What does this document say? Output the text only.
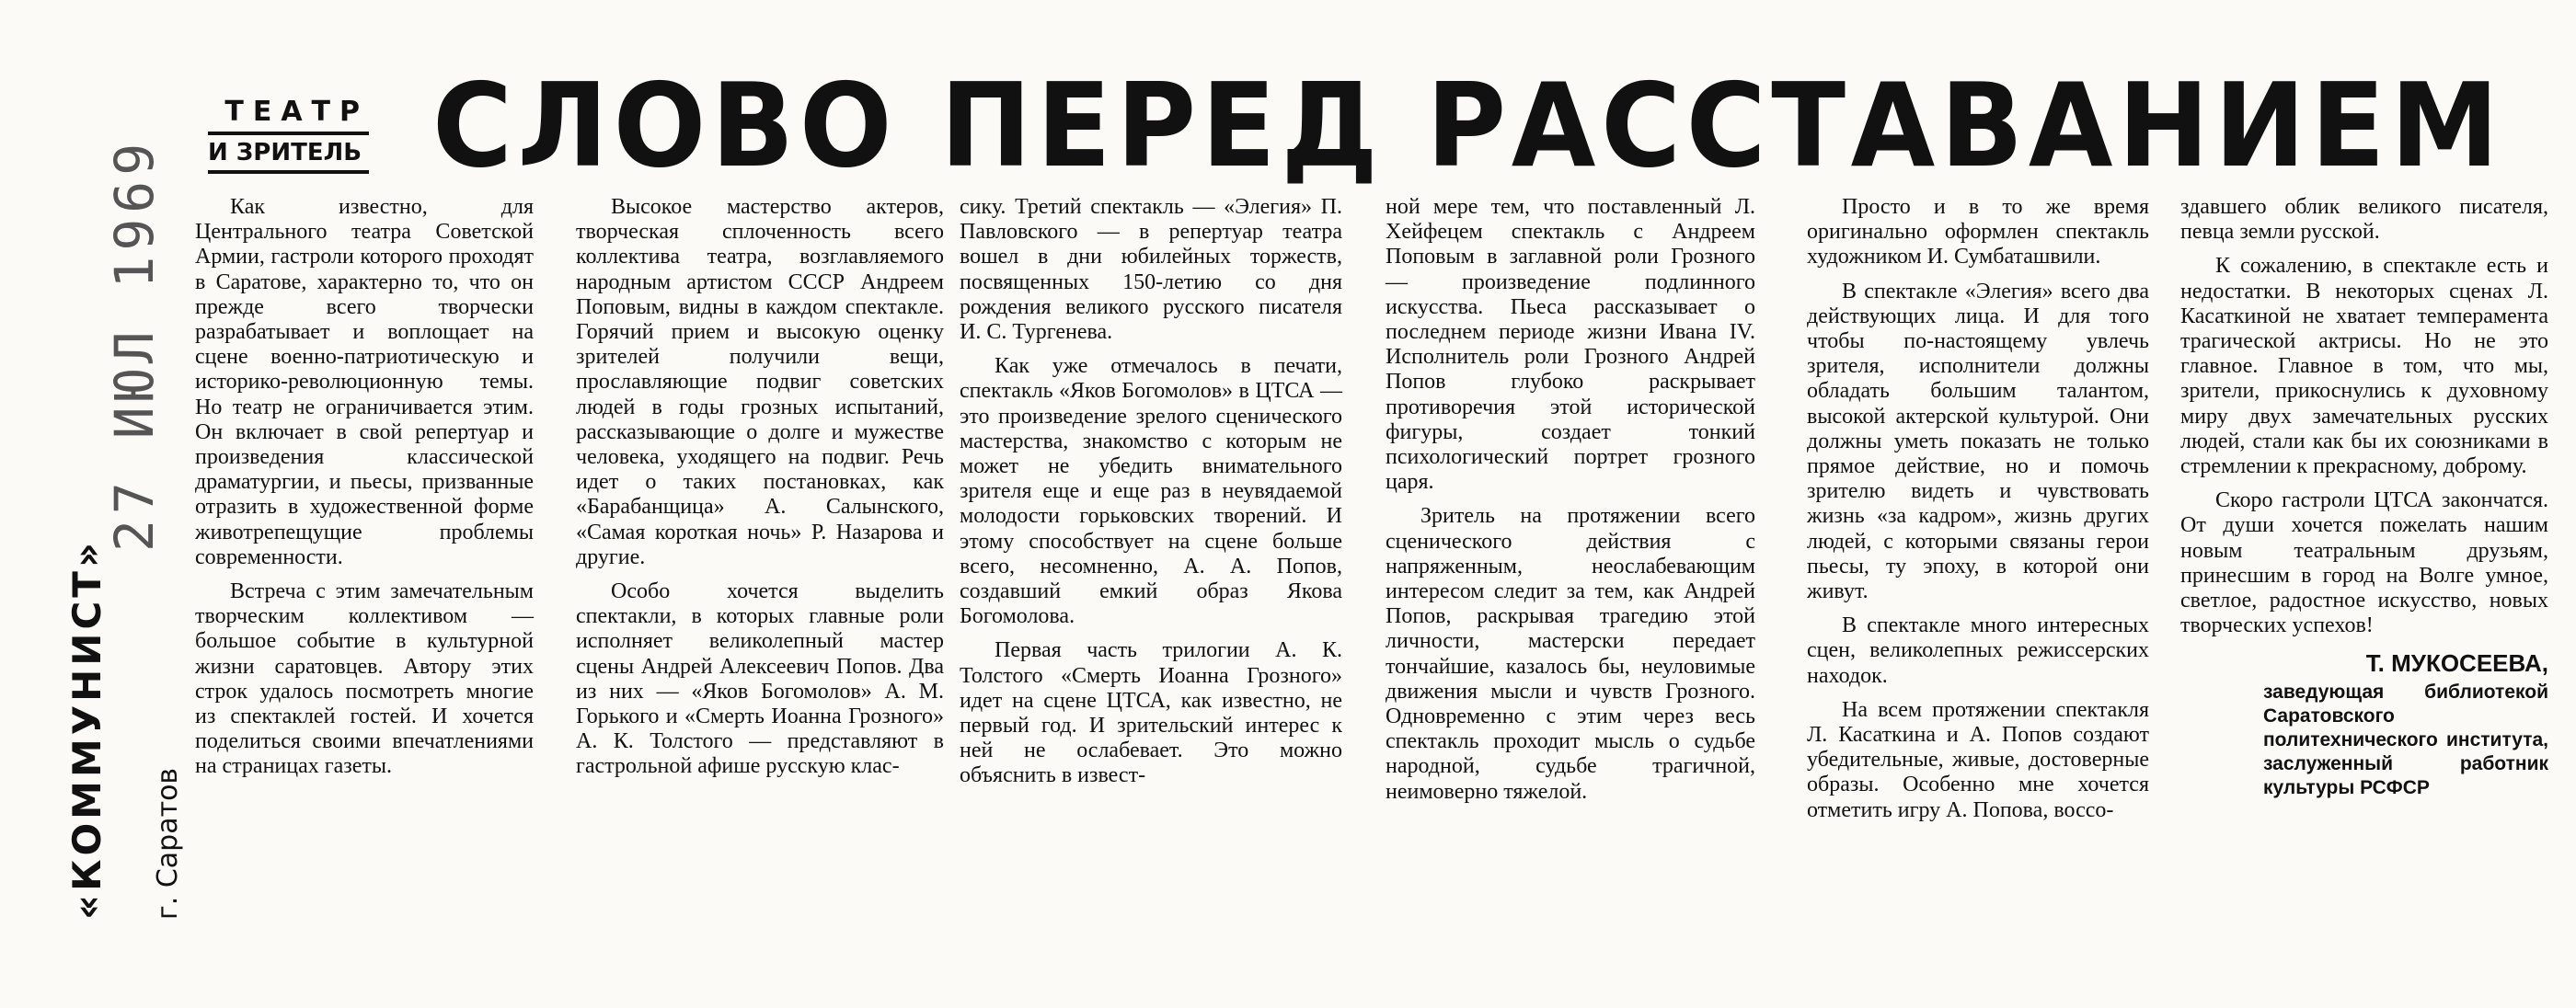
«КОММУНИСТ» г. Саратов
27 ИЮЛ 1969
ТЕАТР
И ЗРИТЕЛЬ СЛОВО ПЕРЕД РАССТАВАНИЕМ

Как известно, для Центрального театра Советской Армии, гастроли которого проходят в Саратове, характерно то, что он прежде всего творчески разрабатывает и воплощает на сцене военно-патриотическую и историко-революционную темы. Но театр не ограничивается этим. Он включает в свой репертуар и произведения классической драматургии, и пьесы, призванные отразить в художественной форме животрепещущие проблемы современности.

Встреча с этим замечательным творческим коллективом — большое событие в культурной жизни саратовцев. Автору этих строк удалось посмотреть многие из спектаклей гостей. И хочется поделиться своими впечатлениями на страницах газеты.

Высокое мастерство актеров, творческая сплоченность всего коллектива театра, возглавляемого народным артистом СССР Андреем Поповым, видны в каждом спектакле. Горячий прием и высокую оценку зрителей получили вещи, прославляющие подвиг советских людей в годы грозных испытаний, рассказывающие о долге и мужестве человека, уходящего на подвиг. Речь идет о таких постановках, как «Барабанщица» А. Салынского, «Самая короткая ночь» Р. Назарова и другие.

Особо хочется выделить спектакли, в которых главные роли исполняет великолепный мастер сцены Андрей Алексеевич Попов. Два из них — «Яков Богомолов» А. М. Горького и «Смерть Иоанна Грозного» А. К. Толстого — представляют в гастрольной афише русскую клас-

сику. Третий спектакль — «Элегия» П. Павловского — в репертуар театра вошел в дни юбилейных торжеств, посвященных 150-летию со дня рождения великого русского писателя И. С. Тургенева.

Как уже отмечалось в печати, спектакль «Яков Богомолов» в ЦТСА — это произведение зрелого сценического мастерства, знакомство с которым не может не убедить внимательного зрителя еще и еще раз в неувядаемой молодости горьковских творений. И этому способствует на сцене больше всего, несомненно, А. А. Попов, создавший емкий образ Якова Богомолова.

Первая часть трилогии А. К. Толстого «Смерть Иоанна Грозного» идет на сцене ЦТСА, как известно, не первый год. И зрительский интерес к ней не ослабевает. Это можно объяснить в извест-

ной мере тем, что поставленный Л. Хейфецем спектакль с Андреем Поповым в заглавной роли Грозного — произведение подлинного искусства. Пьеса рассказывает о последнем периоде жизни Ивана IV. Исполнитель роли Грозного Андрей Попов глубоко раскрывает противоречия этой исторической фигуры, создает тонкий психологический портрет грозного царя.

Зритель на протяжении всего сценического действия с напряженным, неослабевающим интересом следит за тем, как Андрей Попов, раскрывая трагедию этой личности, мастерски передает тончайшие, казалось бы, неуловимые движения мысли и чувств Грозного. Одновременно с этим через весь спектакль проходит мысль о судьбе народной, судьбе трагичной, неимоверно тяжелой.

Просто и в то же время оригинально оформлен спектакль художником И. Сумбаташвили.

В спектакле «Элегия» всего два действующих лица. И для того чтобы по-настоящему увлечь зрителя, исполнители должны обладать большим талантом, высокой актерской культурой. Они должны уметь показать не только прямое действие, но и помочь зрителю видеть и чувствовать жизнь «за кадром», жизнь других людей, с которыми связаны герои пьесы, ту эпоху, в которой они живут.

В спектакле много интересных сцен, великолепных режиссерских находок.

На всем протяжении спектакля Л. Касаткина и А. Попов создают убедительные, живые, достоверные образы. Особенно мне хочется отметить игру А. Попова, воссо-

здавшего облик великого писателя, певца земли русской.

К сожалению, в спектакле есть и недостатки. В некоторых сценах Л. Касаткиной не хватает темперамента трагической актрисы. Но не это главное. Главное в том, что мы, зрители, прикоснулись к духовному миру двух замечательных русских людей, стали как бы их союзниками в стремлении к прекрасному, доброму.

Скоро гастроли ЦТСА закончатся. От души хочется пожелать нашим новым театральным друзьям, принесшим в город на Волге умное, светлое, радостное искусство, новых творческих успехов!

Т. МУКОСЕЕВА,
заведующая библиотекой Саратовского политехнического института, заслуженный работник культуры РСФСР
